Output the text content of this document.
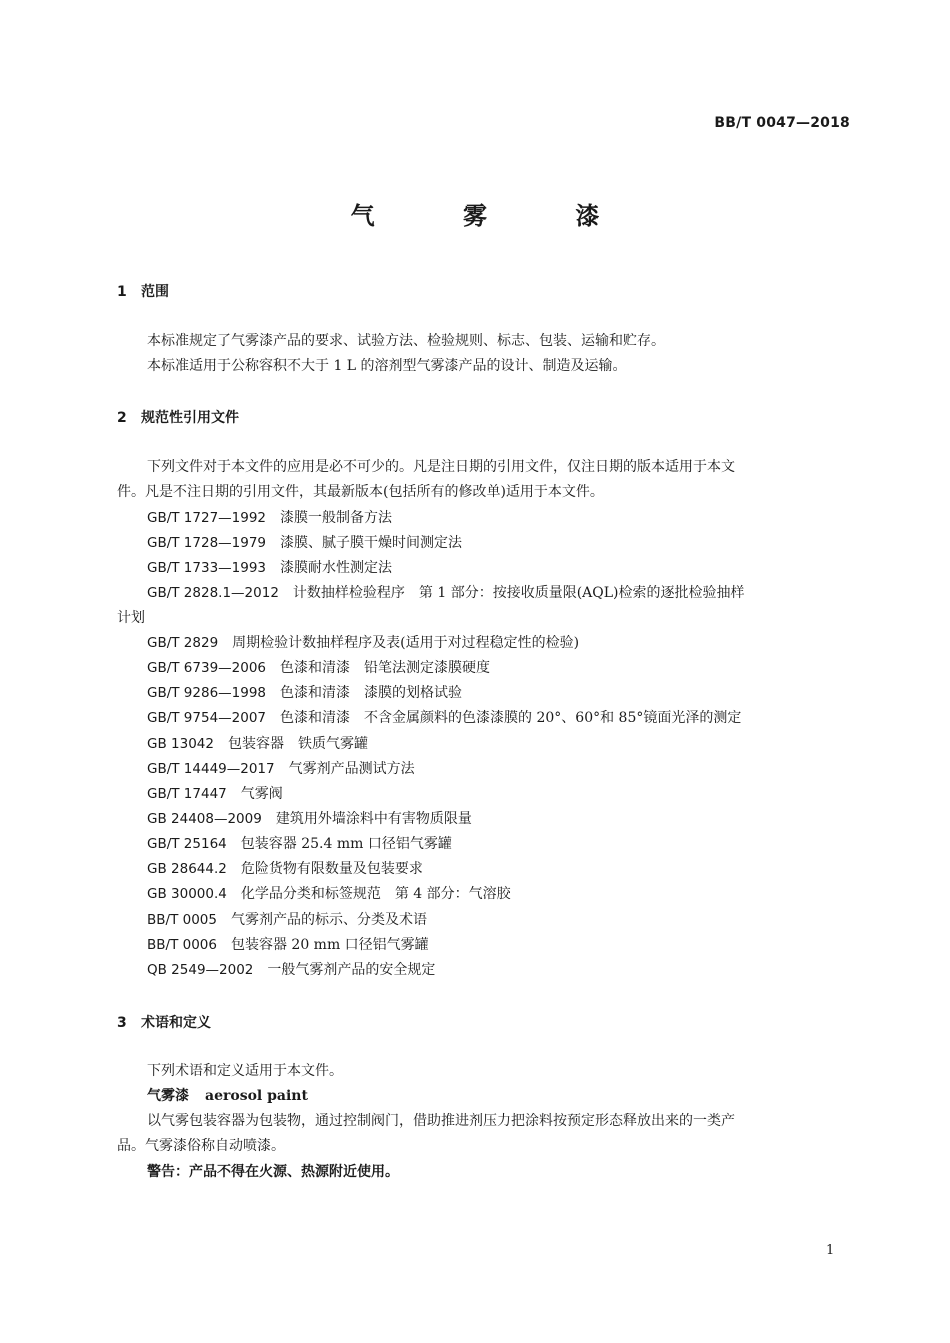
BB/T 0047—2018
气 雾 漆
1 范围
本标准规定了气雾漆产品的要求、试验方法、检验规则、标志、包装、运输和贮存。
本标准适用于公称容积不大于 1 L 的溶剂型气雾漆产品的设计、制造及运输。
2 规范性引用文件
下列文件对于本文件的应用是必不可少的。凡是注日期的引用文件，仅注日期的版本适用于本文
件。凡是不注日期的引用文件，其最新版本(包括所有的修改单)适用于本文件。
GB/T 1727—1992 漆膜一般制备方法
GB/T 1728—1979 漆膜、腻子膜干燥时间测定法
GB/T 1733—1993 漆膜耐水性测定法
GB/T 2828.1—2012 计数抽样检验程序　第 1 部分：按接收质量限(AQL)检索的逐批检验抽样
计划
GB/T 2829 周期检验计数抽样程序及表(适用于对过程稳定性的检验)
GB/T 6739—2006 色漆和清漆　铅笔法测定漆膜硬度
GB/T 9286—1998 色漆和清漆　漆膜的划格试验
GB/T 9754—2007 色漆和清漆　不含金属颜料的色漆漆膜的 20°、60°和 85°镜面光泽的测定
GB 13042 包装容器　铁质气雾罐
GB/T 14449—2017 气雾剂产品测试方法
GB/T 17447 气雾阀
GB 24408—2009 建筑用外墙涂料中有害物质限量
GB/T 25164 包装容器 25.4 mm 口径铝气雾罐
GB 28644.2 危险货物有限数量及包装要求
GB 30000.4 化学品分类和标签规范　第 4 部分：气溶胶
BB/T 0005 气雾剂产品的标示、分类及术语
BB/T 0006 包装容器 20 mm 口径铝气雾罐
QB 2549—2002 一般气雾剂产品的安全规定
3 术语和定义
下列术语和定义适用于本文件。
气雾漆 aerosol paint
以气雾包装容器为包装物，通过控制阀门，借助推进剂压力把涂料按预定形态释放出来的一类产
品。气雾漆俗称自动喷漆。
警告：产品不得在火源、热源附近使用。
1
